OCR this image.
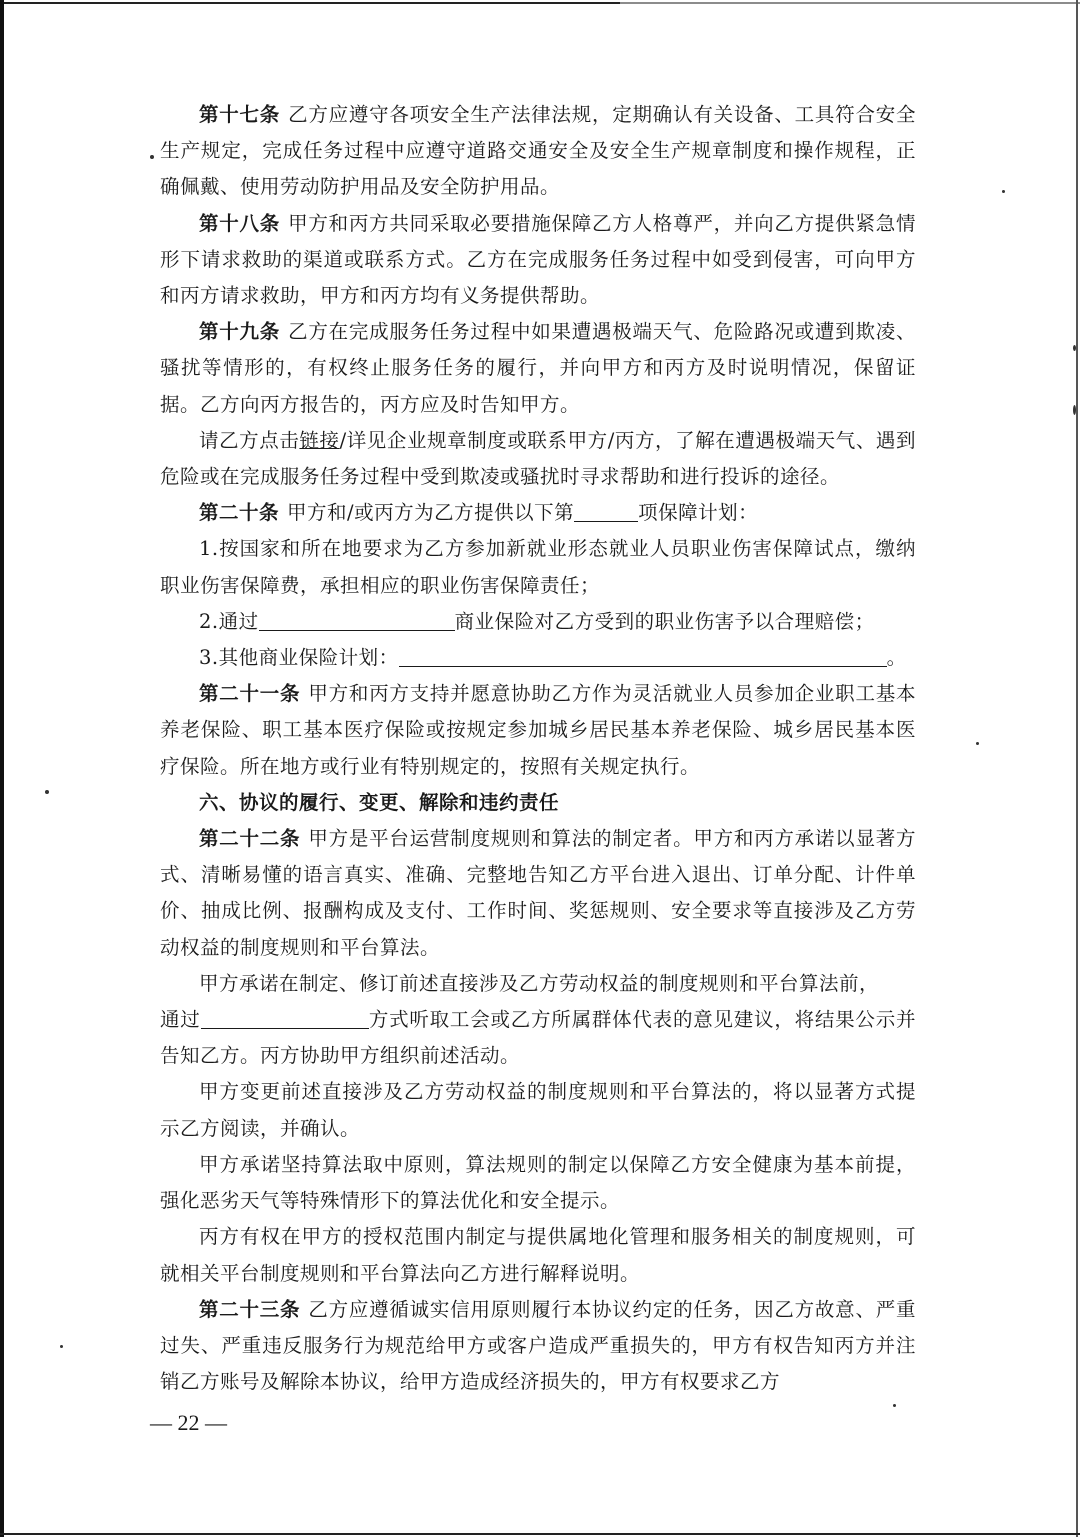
第十七条 乙方应遵守各项安全生产法律法规，定期确认有关设备、工具符合安全生产规定，完成任务过程中应遵守道路交通安全及安全生产规章制度和操作规程，正确佩戴、使用劳动防护用品及安全防护用品。

第十八条 甲方和丙方共同采取必要措施保障乙方人格尊严，并向乙方提供紧急情形下请求救助的渠道或联系方式。乙方在完成服务任务过程中如受到侵害，可向甲方和丙方请求救助，甲方和丙方均有义务提供帮助。

第十九条 乙方在完成服务任务过程中如果遭遇极端天气、危险路况或遭到欺凌、骚扰等情形的，有权终止服务任务的履行，并向甲方和丙方及时说明情况，保留证据。乙方向丙方报告的，丙方应及时告知甲方。

请乙方点击链接/详见企业规章制度或联系甲方/丙方，了解在遭遇极端天气、遇到危险或在完成服务任务过程中受到欺凌或骚扰时寻求帮助和进行投诉的途径。

第二十条 甲方和/或丙方为乙方提供以下第	项保障计划：

1.按国家和所在地要求为乙方参加新就业形态就业人员职业伤害保障试点，缴纳职业伤害保障费，承担相应的职业伤害保障责任；

2.通过	商业保险对乙方受到的职业伤害予以合理赔偿；

3.其他商业保险计划：	。

第二十一条 甲方和丙方支持并愿意协助乙方作为灵活就业人员参加企业职工基本养老保险、职工基本医疗保险或按规定参加城乡居民基本养老保险、城乡居民基本医疗保险。所在地方或行业有特别规定的，按照有关规定执行。

六、协议的履行、变更、解除和违约责任

第二十二条 甲方是平台运营制度规则和算法的制定者。甲方和丙方承诺以显著方式、清晰易懂的语言真实、准确、完整地告知乙方平台进入退出、订单分配、计件单价、抽成比例、报酬构成及支付、工作时间、奖惩规则、安全要求等直接涉及乙方劳动权益的制度规则和平台算法。

甲方承诺在制定、修订前述直接涉及乙方劳动权益的制度规则和平台算法前，

通过	方式听取工会或乙方所属群体代表的意见建议，将结果公示并告知乙方。丙方协助甲方组织前述活动。

甲方变更前述直接涉及乙方劳动权益的制度规则和平台算法的，将以显著方式提示乙方阅读，并确认。

甲方承诺坚持算法取中原则，算法规则的制定以保障乙方安全健康为基本前提，强化恶劣天气等特殊情形下的算法优化和安全提示。

丙方有权在甲方的授权范围内制定与提供属地化管理和服务相关的制度规则，可就相关平台制度规则和平台算法向乙方进行解释说明。

第二十三条 乙方应遵循诚实信用原则履行本协议约定的任务，因乙方故意、严重过失、严重违反服务行为规范给甲方或客户造成严重损失的，甲方有权告知丙方并注销乙方账号及解除本协议，给甲方造成经济损失的，甲方有权要求乙方

— 22 —
